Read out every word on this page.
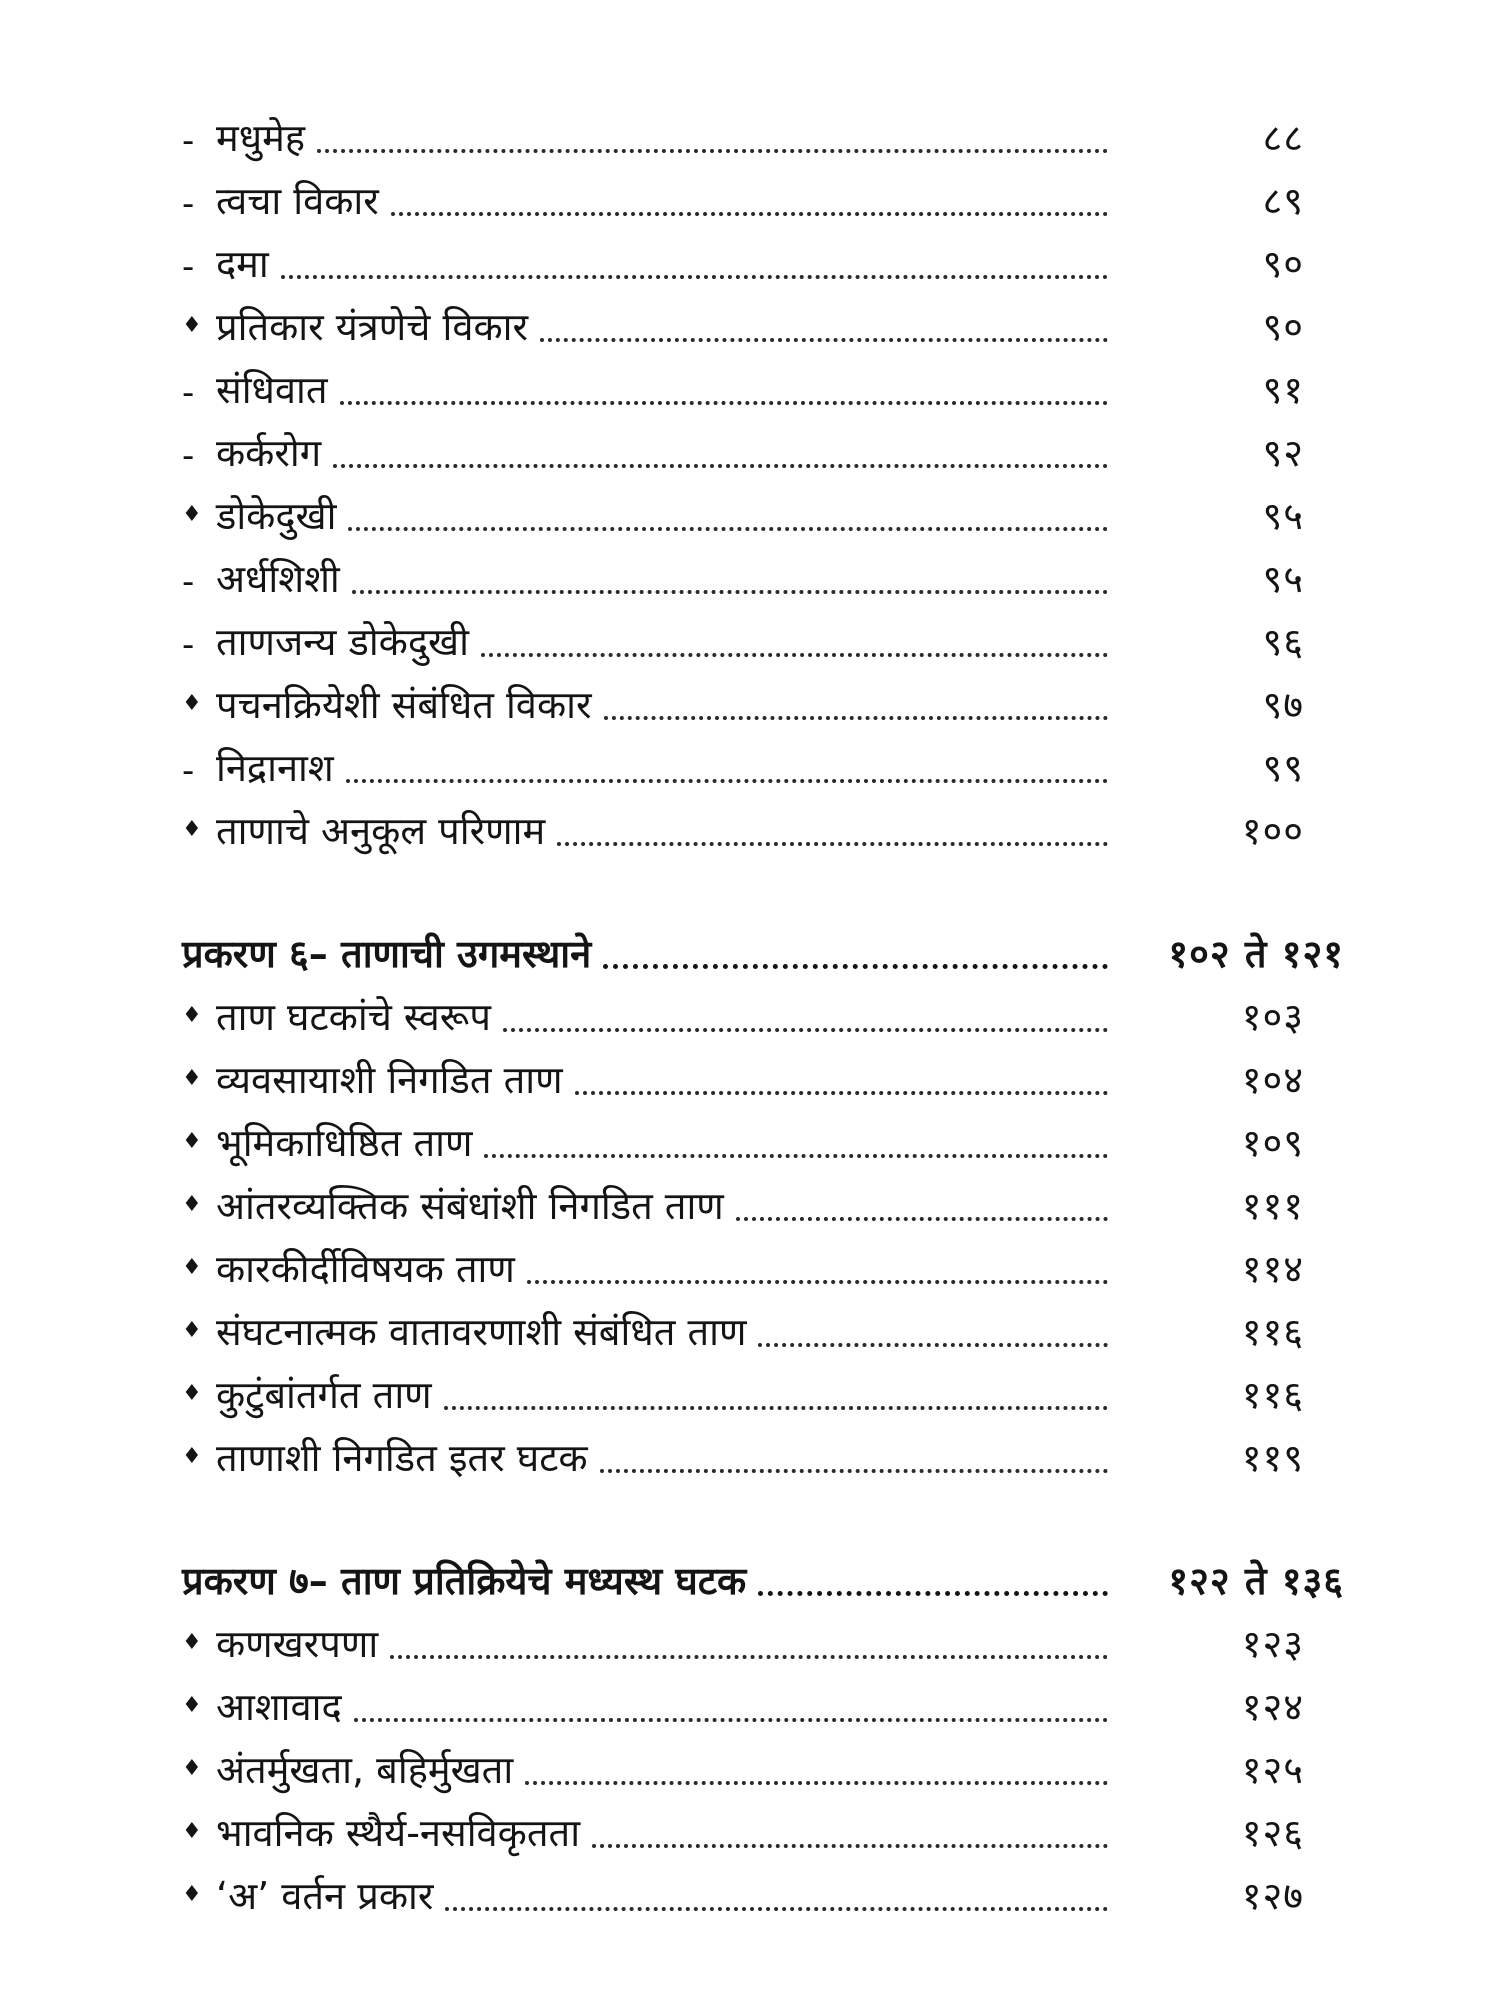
- मधुमेह	८८
- त्वचा विकार	८९
- दमा	९०
♦ प्रतिकार यंत्रणेचे विकार	९०
- संधिवात	९१
- कर्करोग	९२
♦ डोकेदुखी	९५
- अर्धशिशी	९५
- ताणजन्य डोकेदुखी	९६
♦ पचनक्रियेशी संबंधित विकार	९७
- निद्रानाश	९९
♦ ताणाचे अनुकूल परिणाम	१००
प्रकरण ६– ताणाची उगमस्थाने	१०२ ते १२१
♦ ताण घटकांचे स्वरूप	१०३
♦ व्यवसायाशी निगडित ताण	१०४
♦ भूमिकाधिष्ठित ताण	१०९
♦ आंतरव्यक्तिक संबंधांशी निगडित ताण	१११
♦ कारकीर्दीविषयक ताण	११४
♦ संघटनात्मक वातावरणाशी संबंधित ताण	११६
♦ कुटुंबांतर्गत ताण	११६
♦ ताणाशी निगडित इतर घटक	११९
प्रकरण ७– ताण प्रतिक्रियेचे मध्यस्थ घटक	१२२ ते १३६
♦ कणखरपणा	१२३
♦ आशावाद	१२४
♦ अंतर्मुखता, बहिर्मुखता	१२५
♦ भावनिक स्थैर्य-नसविकृतता	१२६
♦ ‘अ’ वर्तन प्रकार	१२७
